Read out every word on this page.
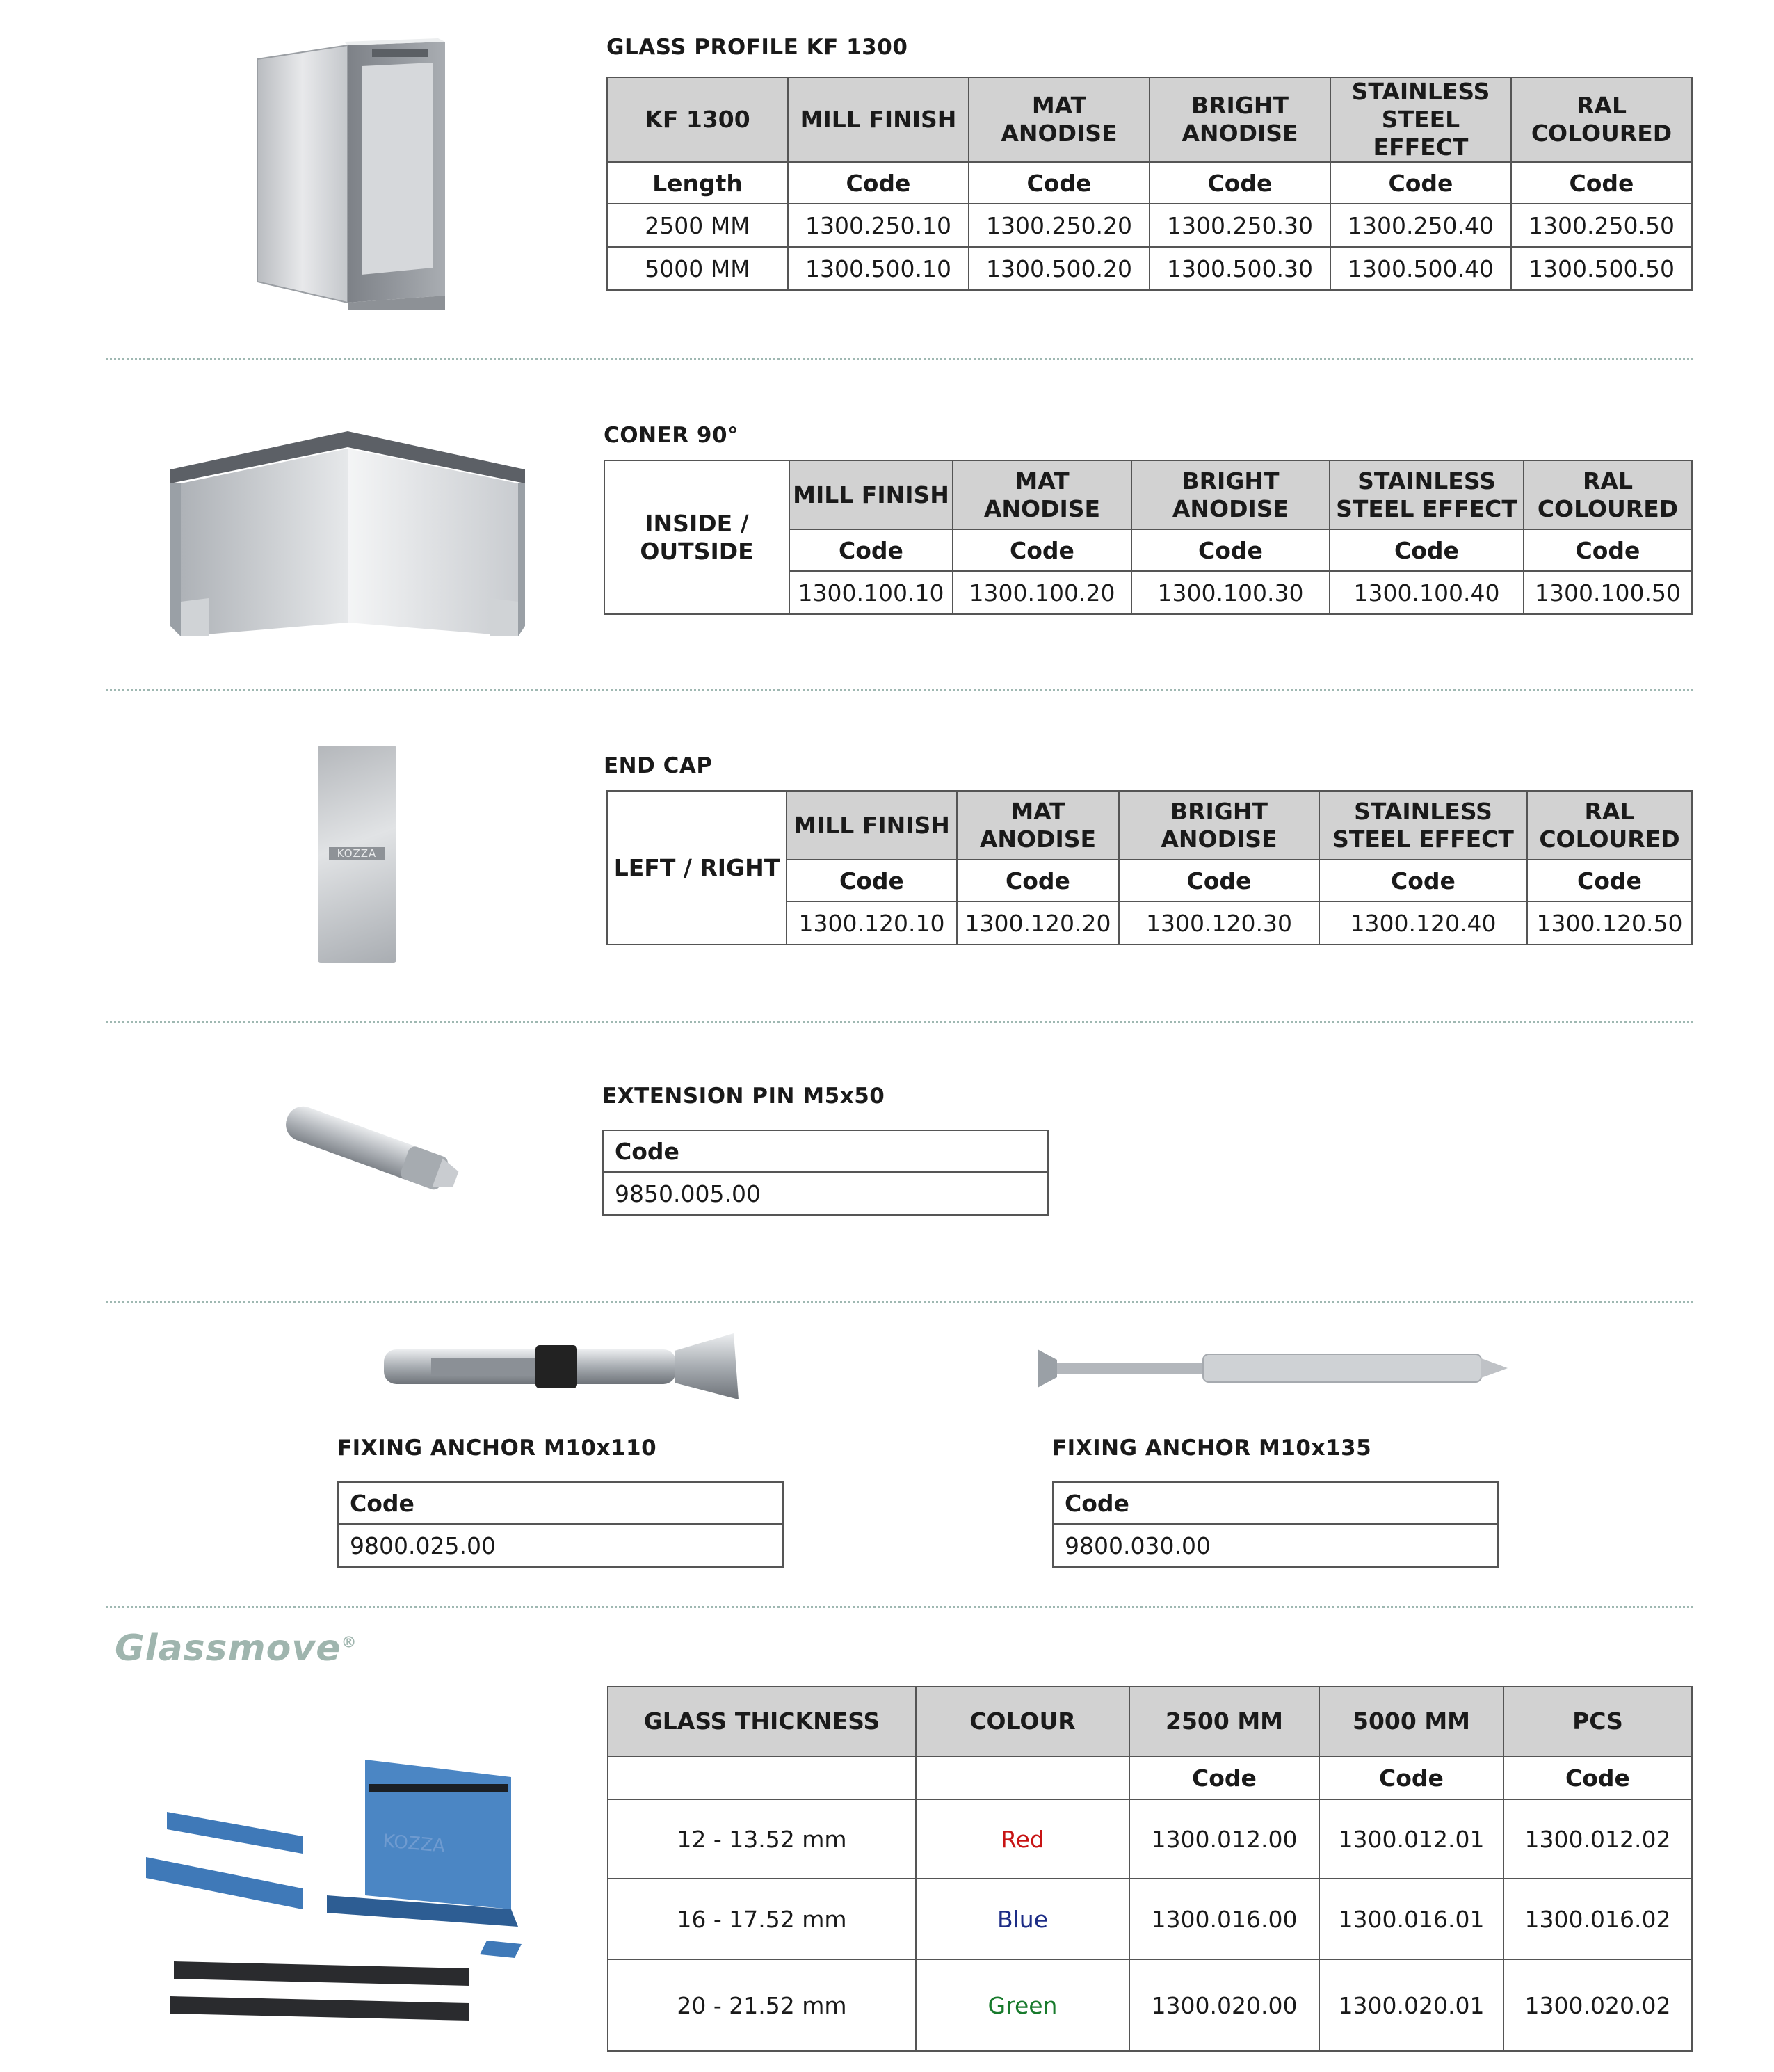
GLASS PROFILE KF 1300
KF 1300	MILL FINISH	MAT ANODISE	BRIGHT ANODISE	STAINLESS STEEL EFFECT	RAL COLOURED
Length	Code	Code	Code	Code	Code
2500 MM	1300.250.10	1300.250.20	1300.250.30	1300.250.40	1300.250.50
5000 MM	1300.500.10	1300.500.20	1300.500.30	1300.500.40	1300.500.50
CONER 90°
INSIDE / OUTSIDE	MILL FINISH	MAT ANODISE	BRIGHT ANODISE	STAINLESS STEEL EFFECT	RAL COLOURED
	Code	Code	Code	Code	Code
	1300.100.10	1300.100.20	1300.100.30	1300.100.40	1300.100.50
KOZZA
END CAP
LEFT / RIGHT	MILL FINISH	MAT ANODISE	BRIGHT ANODISE	STAINLESS STEEL EFFECT	RAL COLOURED
	Code	Code	Code	Code	Code
	1300.120.10	1300.120.20	1300.120.30	1300.120.40	1300.120.50
EXTENSION PIN M5x50
Code
9850.005.00
FIXING ANCHOR M10x110
Code
9800.025.00
FIXING ANCHOR M10x135
Code
9800.030.00
Glassmove®
KOZZA
GLASS THICKNESS	COLOUR	2500 MM	5000 MM	PCS
		Code	Code	Code
12 - 13.52 mm	Red	1300.012.00	1300.012.01	1300.012.02
16 - 17.52 mm	Blue	1300.016.00	1300.016.01	1300.016.02
20 - 21.52 mm	Green	1300.020.00	1300.020.01	1300.020.02
